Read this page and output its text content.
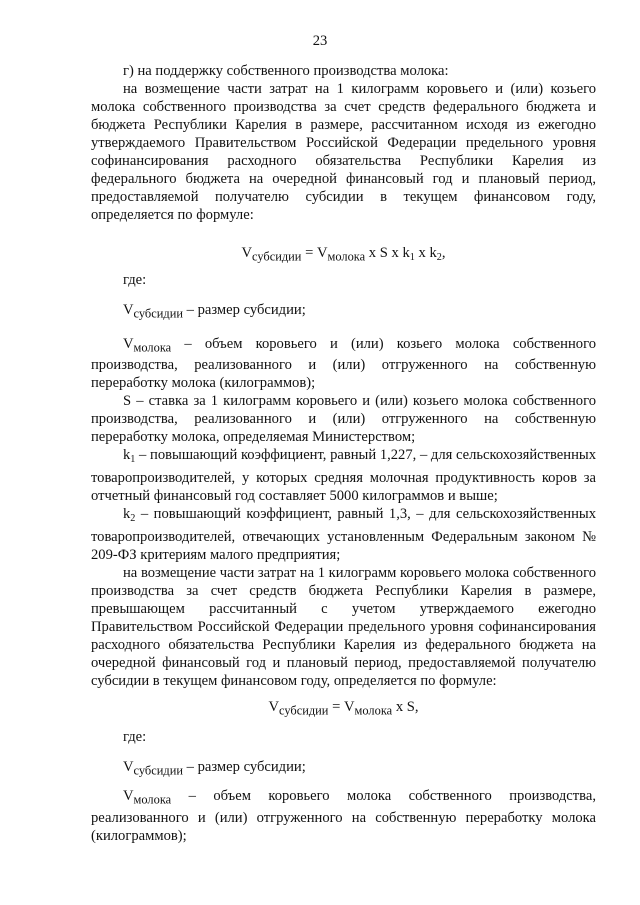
23

г) на поддержку собственного производства молока:

на возмещение части затрат на 1 килограмм коровьего и (или) козьего молока собственного производства за счет средств федерального бюджета и бюджета Республики Карелия в размере, рассчитанном исходя из ежегодно утверждаемого Правительством Российской Федерации предельного уровня софинансирования расходного обязательства Республики Карелия из федерального бюджета на очередной финансовый год и плановый период, предоставляемой получателю субсидии в текущем финансовом году, определяется по формуле:

$V_{субсидии} = V_{молока}$ x S x $k_1$ x $k_2$,

где:

$V_{субсидии}$ – размер субсидии;

$V_{молока}$ – объем коровьего и (или) козьего молока собственного производства, реализованного и (или) отгруженного на собственную переработку молока (килограммов);

S – ставка за 1 килограмм коровьего и (или) козьего молока собственного производства, реализованного и (или) отгруженного на собственную переработку молока, определяемая Министерством;

$k_1$ – повышающий коэффициент, равный 1,227, – для сельскохозяйственных товаропроизводителей, у которых средняя молочная продуктивность коров за отчетный финансовый год составляет 5000 килограммов и выше;

$k_2$ – повышающий коэффициент, равный 1,3, – для сельскохозяйственных товаропроизводителей, отвечающих установленным Федеральным законом № 209-ФЗ критериям малого предприятия;

на возмещение части затрат на 1 килограмм коровьего молока собственного производства за счет средств бюджета Республики Карелия в размере, превышающем рассчитанный с учетом утверждаемого ежегодно Правительством Российской Федерации предельного уровня софинансирования расходного обязательства Республики Карелия из федерального бюджета на очередной финансовый год и плановый период, предоставляемой получателю субсидии в текущем финансовом году, определяется по формуле:

$V_{субсидии} = V_{молока}$ x S,

где:

$V_{субсидии}$ – размер субсидии;

$V_{молока}$ – объем коровьего молока собственного производства, реализованного и (или) отгруженного на собственную переработку молока (килограммов);
